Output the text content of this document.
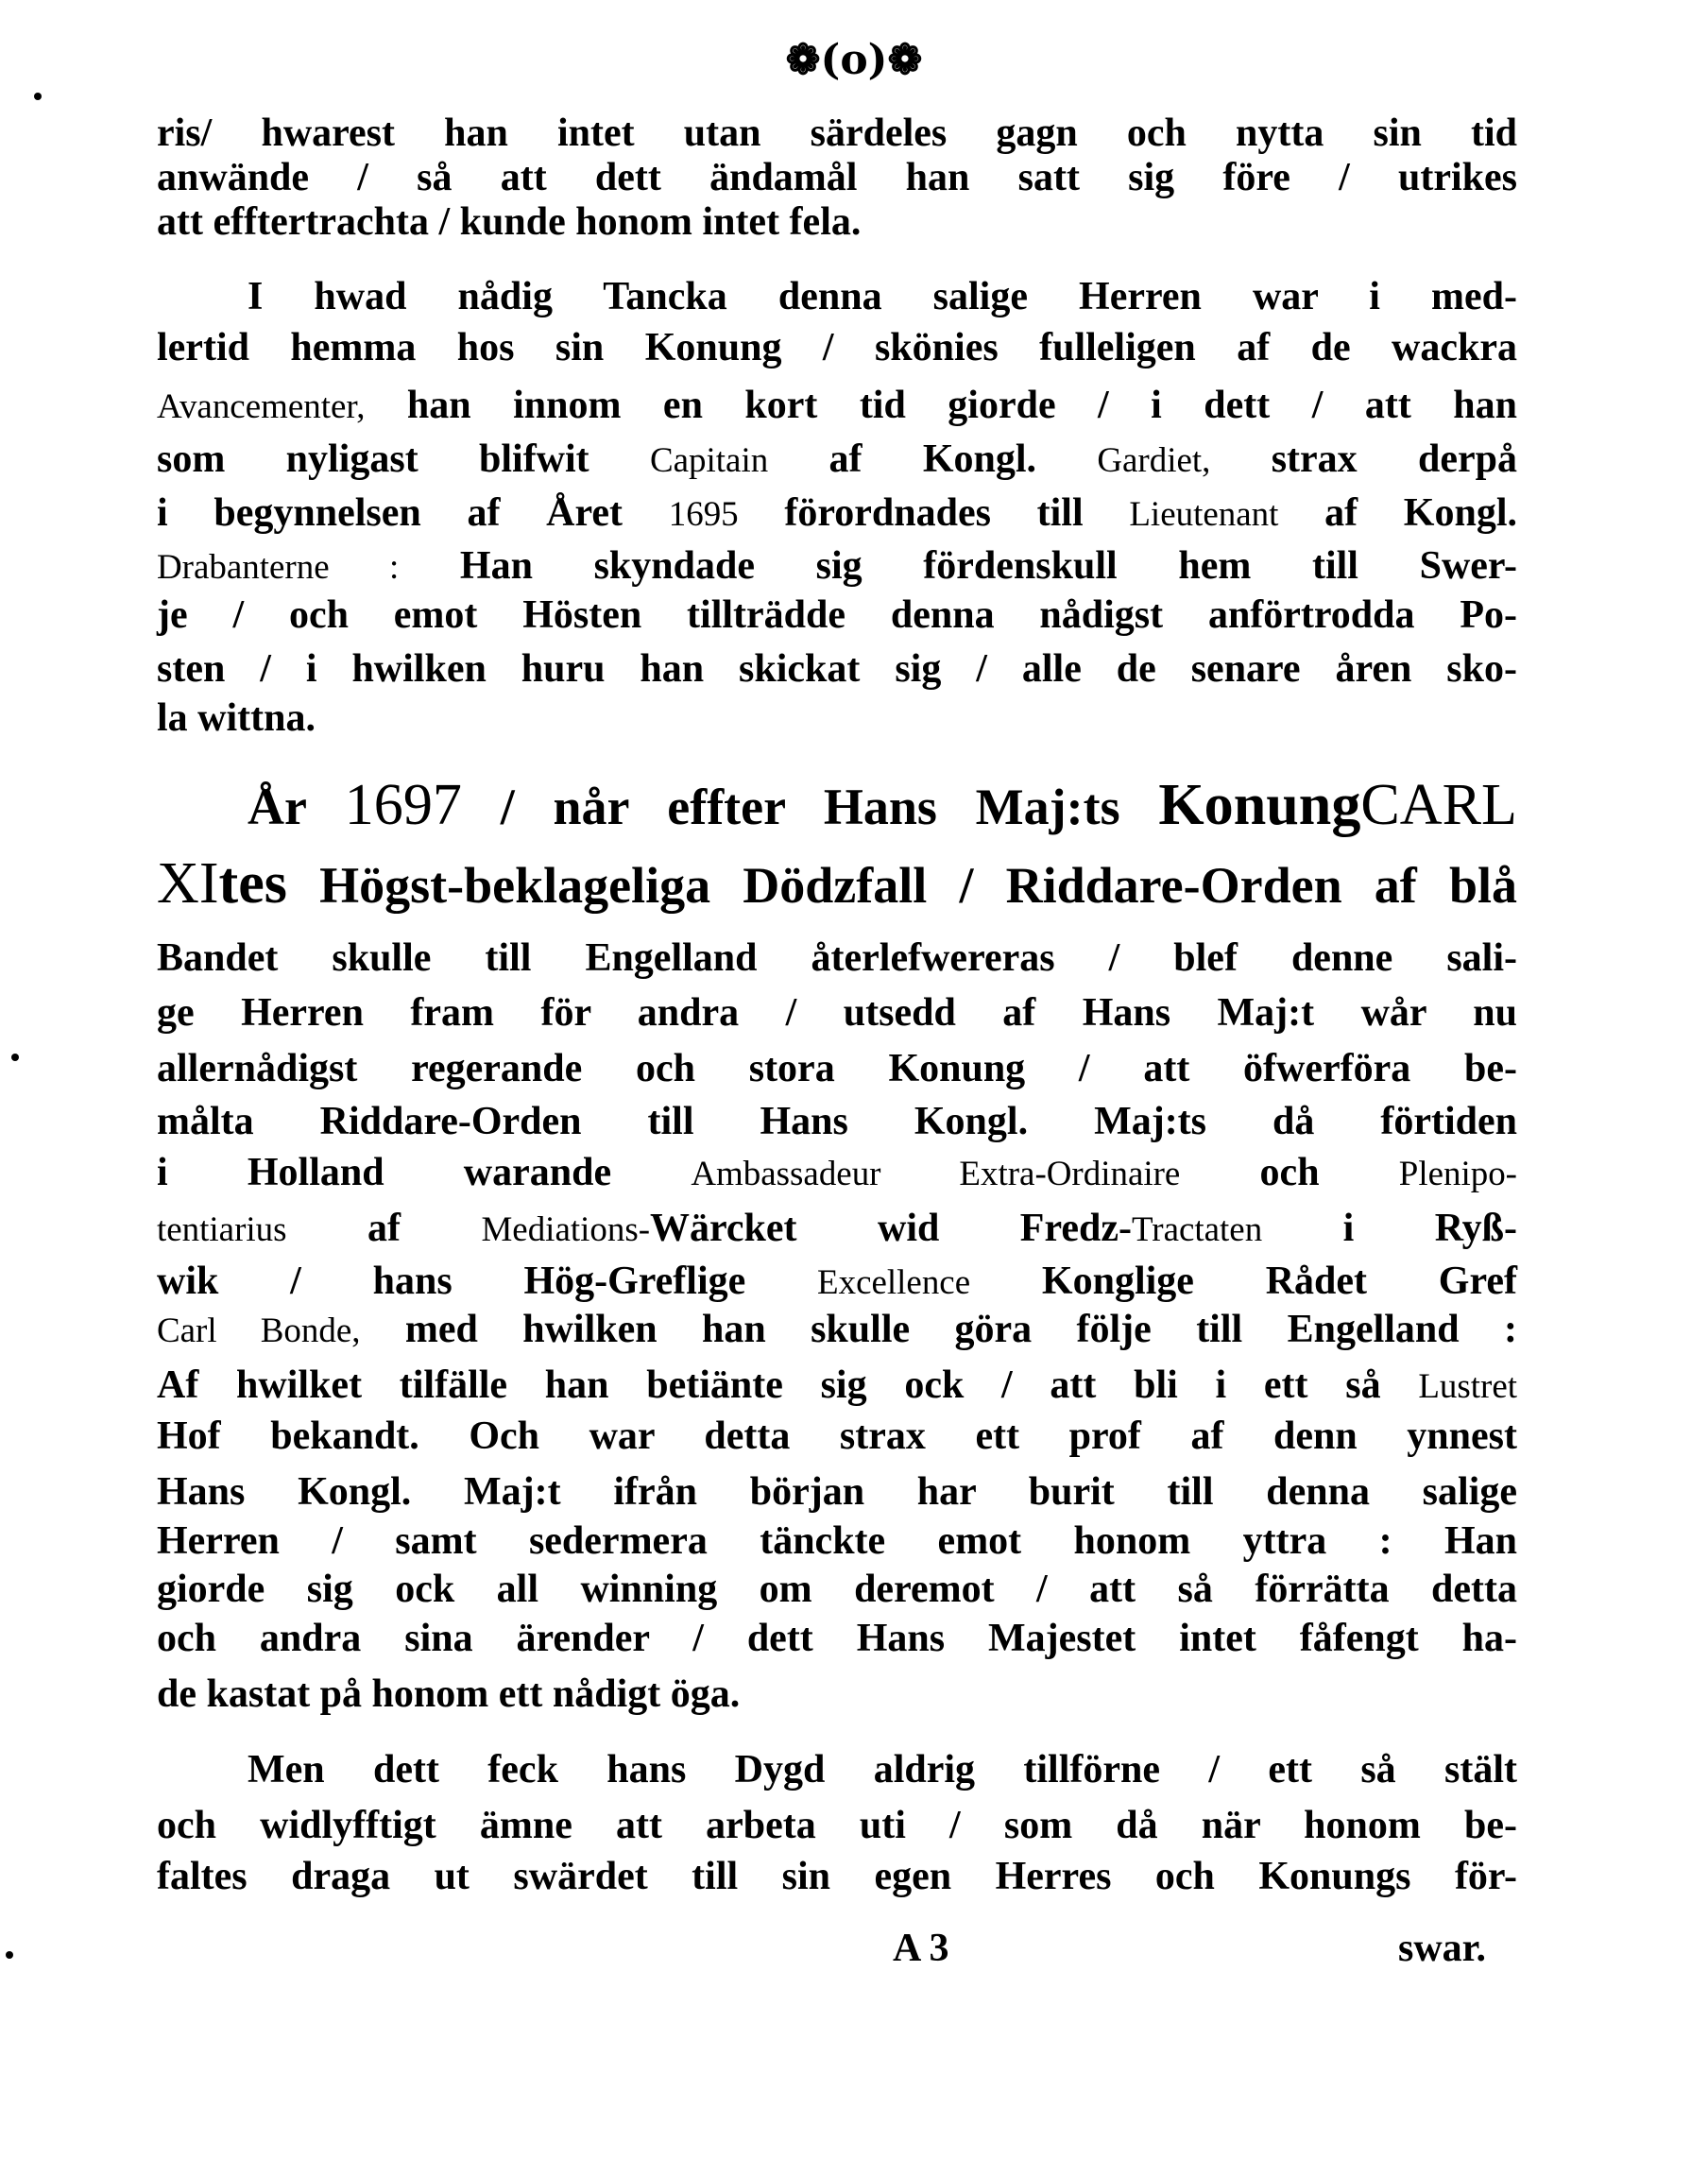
❁(o)❁
ris/ hwarest han intet utan särdeles gagn och nytta sin tid
anwände / så att dett ändamål han satt sig före / utrikes
att efftertrachta / kunde honom intet fela.
I hwad nådig Tancka denna salige Herren war i med-
lertid hemma hos sin Konung / skönies fulleligen af de wackra
Avancementer, han innom en kort tid giorde / i dett / att han
som nyligast blifwit Capitain af Kongl. Gardiet, strax derpå
i begynnelsen af Året 1695 förordnades till Lieutenant af Kongl.
Drabanterne : Han skyndade sig fördenskull hem till Swer-
je / och emot Hösten tillträdde denna nådigst anförtrodda Po-
sten / i hwilken huru han skickat sig / alle de senare åren sko-
la wittna.
År 1697 / når effter Hans Maj:ts KonungCARL
XItes Högst-beklageliga Dödzfall / Riddare-Orden af blå
Bandet skulle till Engelland återlefwereras / blef denne sali-
ge Herren fram för andra / utsedd af Hans Maj:t wår nu
allernådigst regerande och stora Konung / att öfwerföra be-
målta Riddare-Orden till Hans Kongl. Maj:ts då förtiden
i Holland warande Ambassadeur Extra-Ordinaire och Plenipo-
tentiarius af Mediations-Wärcket wid Fredz-Tractaten i Ryß-
wik / hans Hög-Greflige Excellence Konglige Rådet Gref
Carl Bonde, med hwilken han skulle göra följe till Engelland :
Af hwilket tilfälle han betiänte sig ock / att bli i ett så Lustret
Hof bekandt. Och war detta strax ett prof af denn ynnest
Hans Kongl. Maj:t ifrån början har burit till denna salige
Herren / samt sedermera tänckte emot honom yttra : Han
giorde sig ock all winning om deremot / att så förrätta detta
och andra sina ärender / dett Hans Majestet intet fåfengt ha-
de kastat på honom ett nådigt öga.
Men dett feck hans Dygd aldrig tillförne / ett så stält
och widlyfftigt ämne att arbeta uti / som då när honom be-
faltes draga ut swärdet till sin egen Herres och Konungs för-
A 3	swar.
